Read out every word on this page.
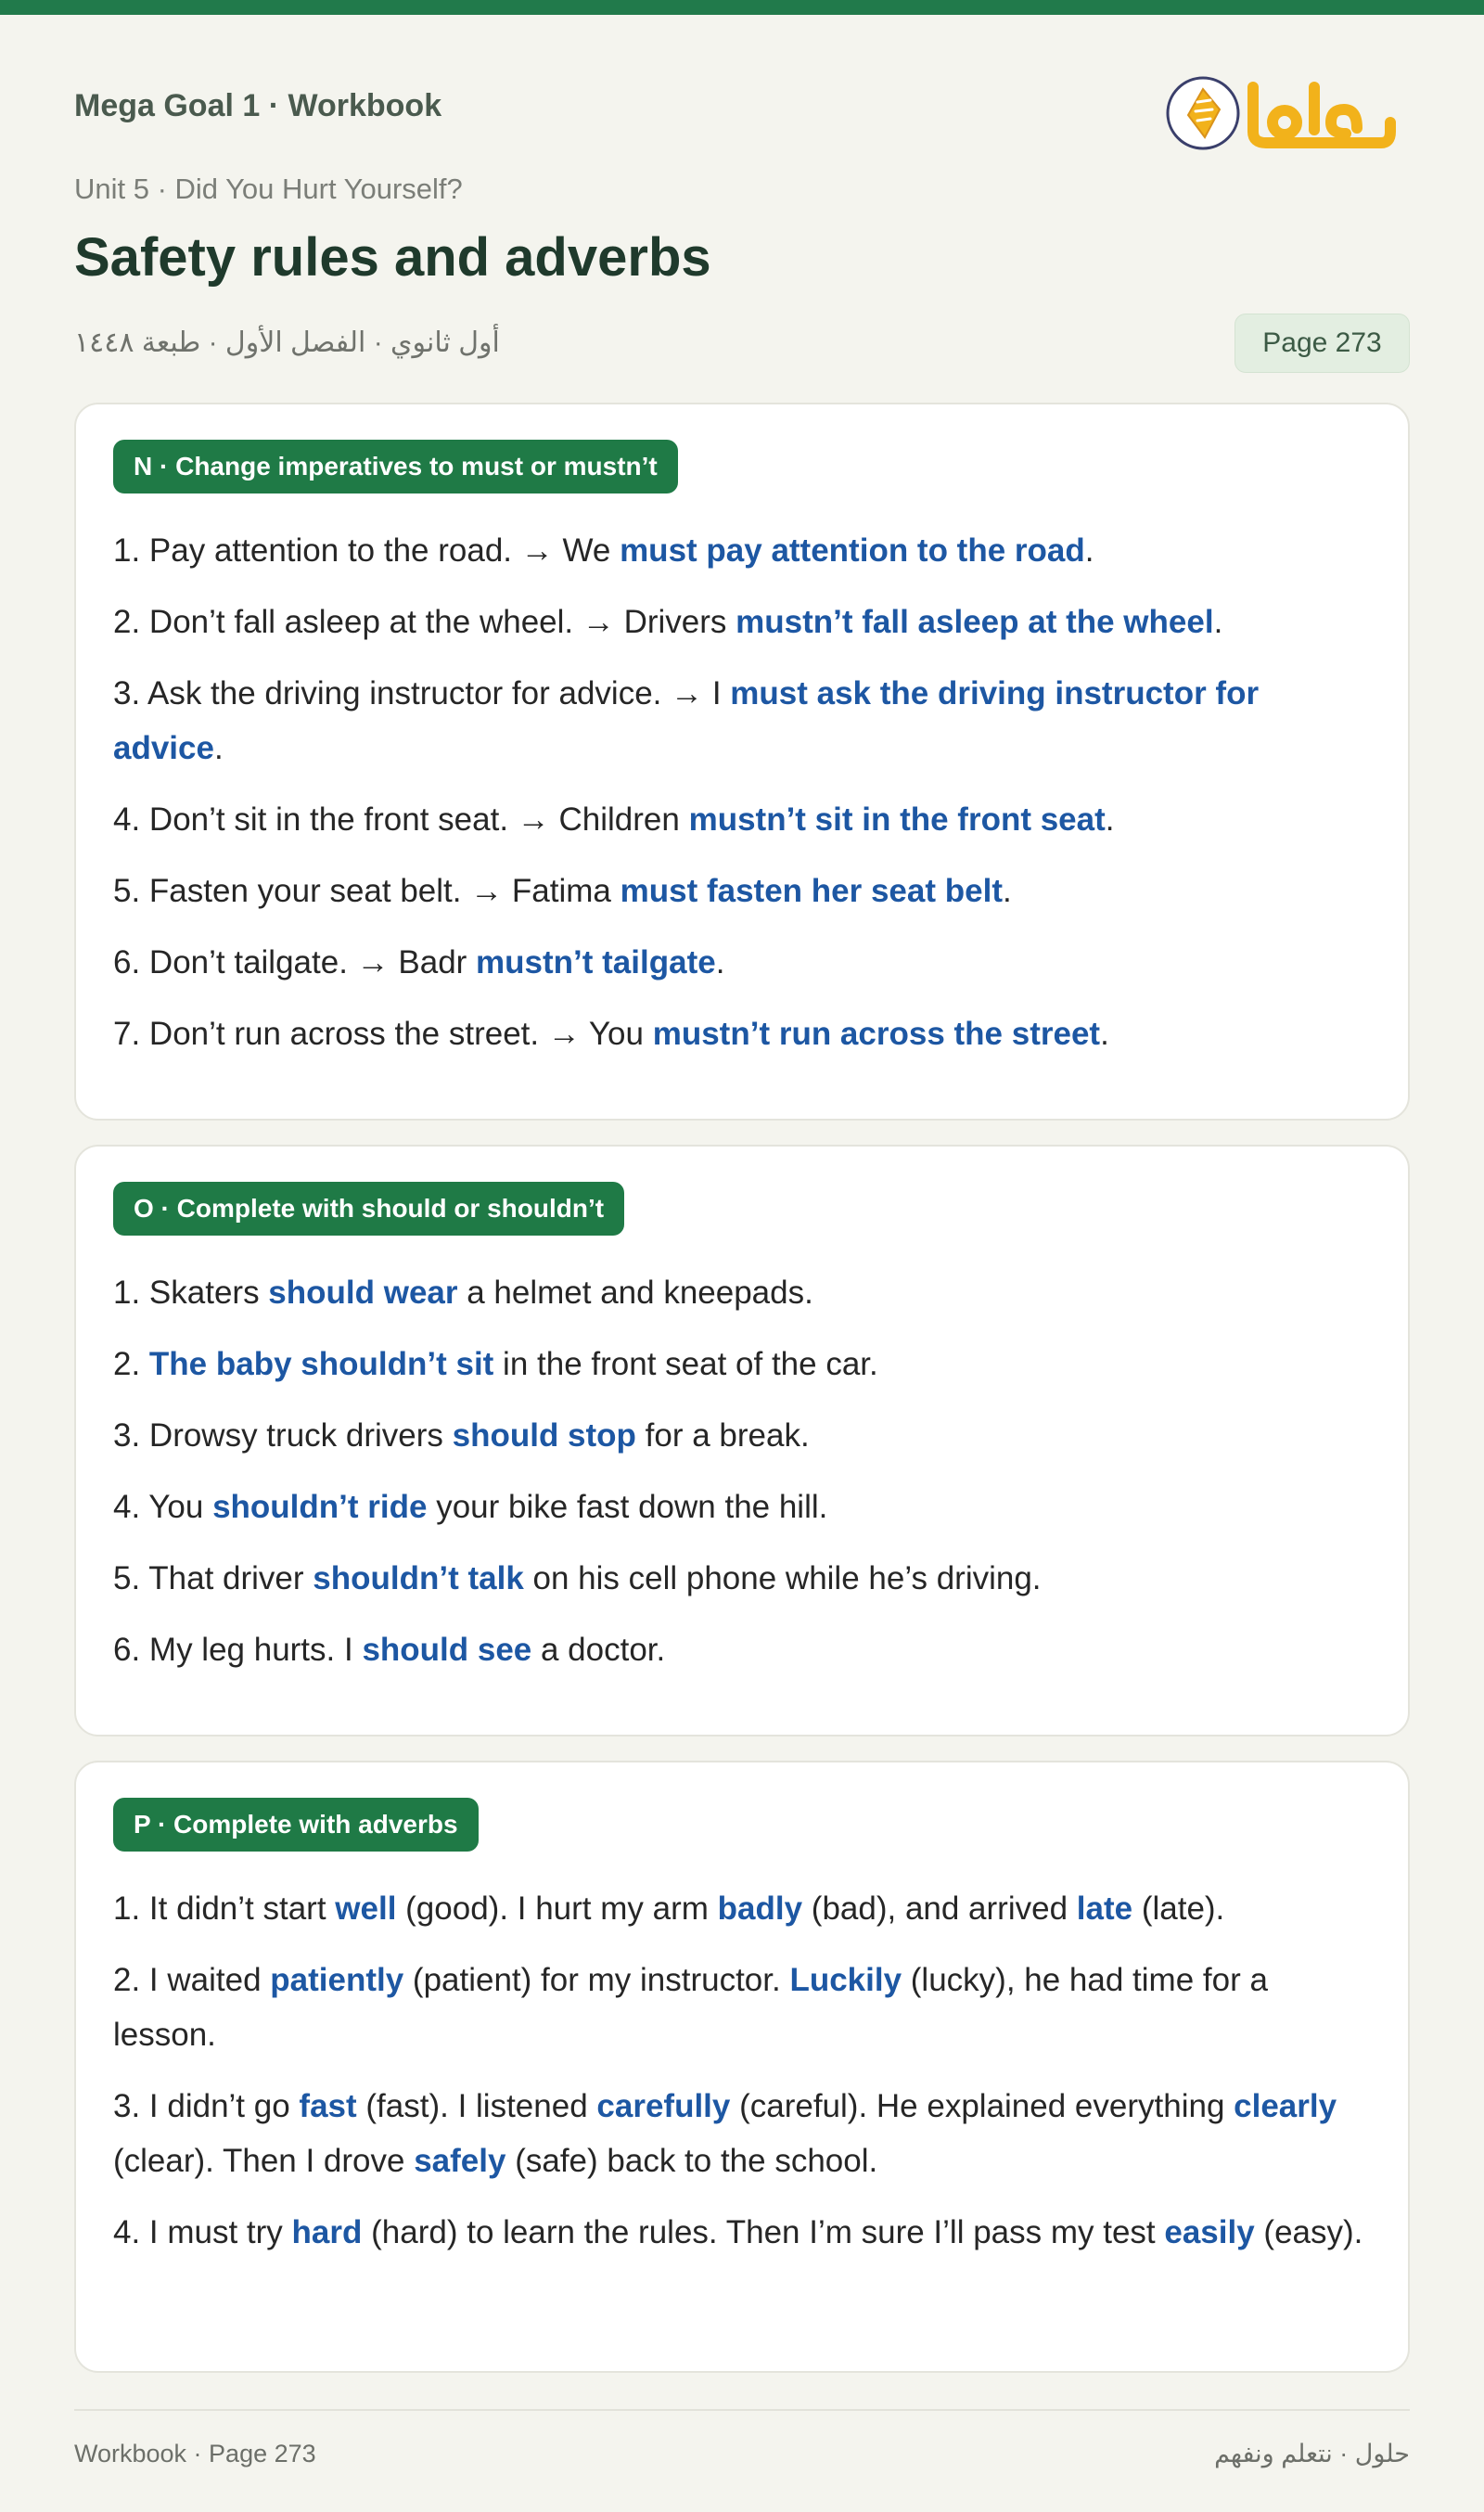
Mega Goal 1 · Workbook
Unit 5 · Did You Hurt Yourself?
Safety rules and adverbs
أول ثانوي · الفصل الأول · طبعة ١٤٤٨	Page 273
N · Change imperatives to must or mustn’t
1. Pay attention to the road. → We must pay attention to the road.
2. Don’t fall asleep at the wheel. → Drivers mustn’t fall asleep at the wheel.
3. Ask the driving instructor for advice. → I must ask the driving instructor for advice.
4. Don’t sit in the front seat. → Children mustn’t sit in the front seat.
5. Fasten your seat belt. → Fatima must fasten her seat belt.
6. Don’t tailgate. → Badr mustn’t tailgate.
7. Don’t run across the street. → You mustn’t run across the street.
O · Complete with should or shouldn’t
1. Skaters should wear a helmet and kneepads.
2. The baby shouldn’t sit in the front seat of the car.
3. Drowsy truck drivers should stop for a break.
4. You shouldn’t ride your bike fast down the hill.
5. That driver shouldn’t talk on his cell phone while he’s driving.
6. My leg hurts. I should see a doctor.
P · Complete with adverbs
1. It didn’t start well (good). I hurt my arm badly (bad), and arrived late (late).
2. I waited patiently (patient) for my instructor. Luckily (lucky), he had time for a lesson.
3. I didn’t go fast (fast). I listened carefully (careful). He explained everything clearly (clear). Then I drove safely (safe) back to the school.
4. I must try hard (hard) to learn the rules. Then I’m sure I’ll pass my test easily (easy).
Workbook · Page 273	حلول · نتعلم ونفهم
